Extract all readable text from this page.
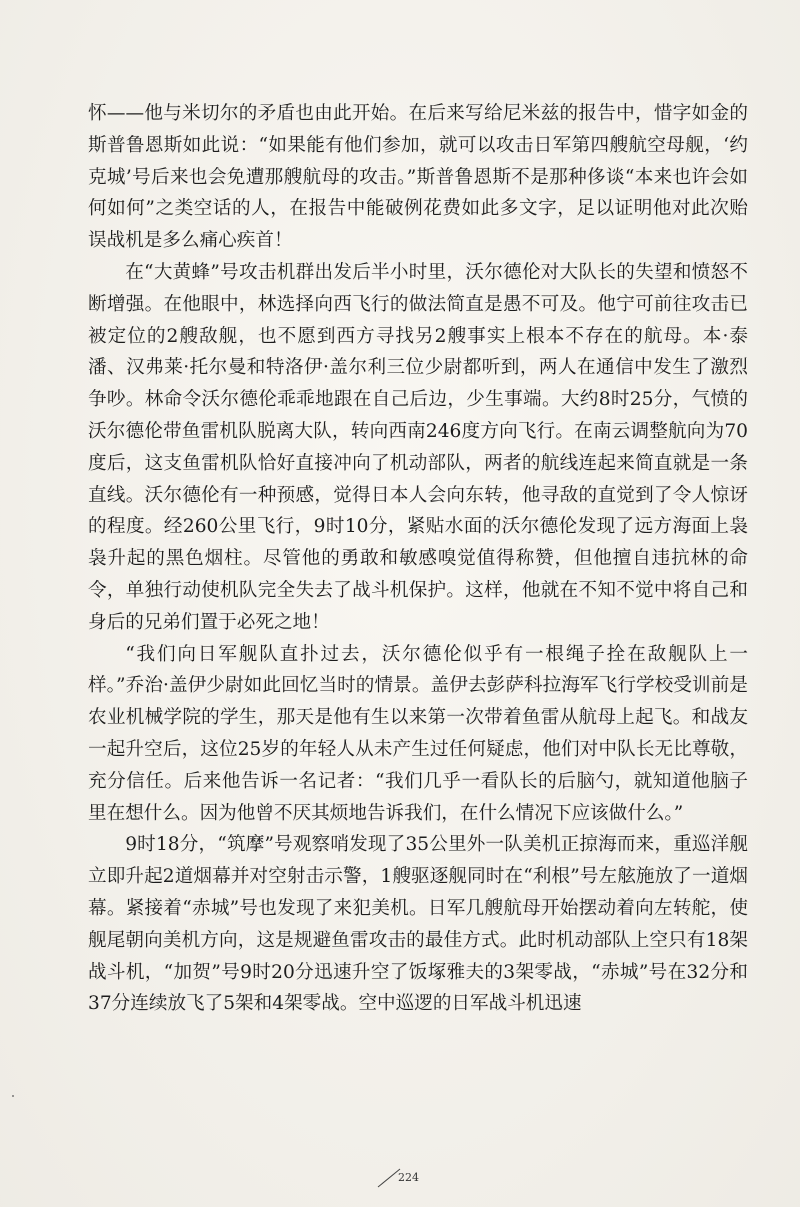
怀——他与米切尔的矛盾也由此开始。在后来写给尼米兹的报告中，惜字如金的斯普鲁恩斯如此说：“如果能有他们参加，就可以攻击日军第四艘航空母舰，‘约克城’号后来也会免遭那艘航母的攻击。”斯普鲁恩斯不是那种侈谈“本来也许会如何如何”之类空话的人，在报告中能破例花费如此多文字，足以证明他对此次贻误战机是多么痛心疾首！

在“大黄蜂”号攻击机群出发后半小时里，沃尔德伦对大队长的失望和愤怒不断增强。在他眼中，林选择向西飞行的做法简直是愚不可及。他宁可前往攻击已被定位的2艘敌舰，也不愿到西方寻找另2艘事实上根本不存在的航母。本·泰潘、汉弗莱·托尔曼和特洛伊·盖尔利三位少尉都听到，两人在通信中发生了激烈争吵。林命令沃尔德伦乖乖地跟在自己后边，少生事端。大约8时25分，气愤的沃尔德伦带鱼雷机队脱离大队，转向西南246度方向飞行。在南云调整航向为70度后，这支鱼雷机队恰好直接冲向了机动部队，两者的航线连起来简直就是一条直线。沃尔德伦有一种预感，觉得日本人会向东转，他寻敌的直觉到了令人惊讶的程度。经260公里飞行，9时10分，紧贴水面的沃尔德伦发现了远方海面上袅袅升起的黑色烟柱。尽管他的勇敢和敏感嗅觉值得称赞，但他擅自违抗林的命令，单独行动使机队完全失去了战斗机保护。这样，他就在不知不觉中将自己和身后的兄弟们置于必死之地！

“我们向日军舰队直扑过去，沃尔德伦似乎有一根绳子拴在敌舰队上一样。”乔治·盖伊少尉如此回忆当时的情景。盖伊去彭萨科拉海军飞行学校受训前是农业机械学院的学生，那天是他有生以来第一次带着鱼雷从航母上起飞。和战友一起升空后，这位25岁的年轻人从未产生过任何疑虑，他们对中队长无比尊敬，充分信任。后来他告诉一名记者：“我们几乎一看队长的后脑勺，就知道他脑子里在想什么。因为他曾不厌其烦地告诉我们，在什么情况下应该做什么。”

9时18分，“筑摩”号观察哨发现了35公里外一队美机正掠海而来，重巡洋舰立即升起2道烟幕并对空射击示警，1艘驱逐舰同时在“利根”号左舷施放了一道烟幕。紧接着“赤城”号也发现了来犯美机。日军几艘航母开始摆动着向左转舵，使舰尾朝向美机方向，这是规避鱼雷攻击的最佳方式。此时机动部队上空只有18架战斗机，“加贺”号9时20分迅速升空了饭塚雅夫的3架零战，“赤城”号在32分和37分连续放飞了5架和4架零战。空中巡逻的日军战斗机迅速

224
